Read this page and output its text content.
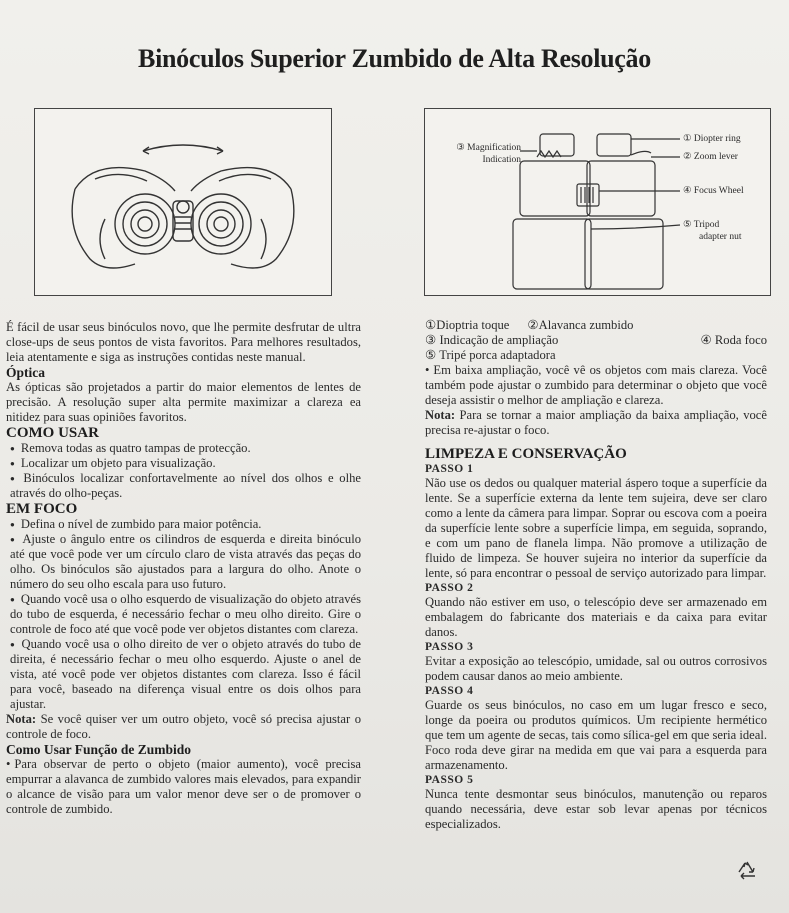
Binóculos Superior Zumbido de Alta Resolução
③ Magnification
Indication
① Diopter ring
② Zoom lever
④ Focus Wheel
⑤ Tripod
adapter nut

É fácil de usar seus binóculos novo, que lhe permite desfrutar de ultra close-ups de seus pontos de vista favoritos. Para melhores resultados, leia atentamente e siga as instruções contidas neste manual.

Óptica

As ópticas são projetados a partir do maior elementos de lentes de precisão. A resolução super alta permite maximizar a clareza ea nitidez para suas opiniões favoritos.

COMO USAR

● Remova todas as quatro tampas de protecção.

● Localizar um objeto para visualização.

● Binóculos localizar confortavelmente ao nível dos olhos e olhe através do olho-peças.

EM FOCO

● Defina o nível de zumbido para maior potência.

● Ajuste o ângulo entre os cilindros de esquerda e direita binóculo até que você pode ver um círculo claro de vista através das peças do olho. Os binóculos são ajustados para a largura do olho. Anote o número do seu olho escala para uso futuro.

● Quando você usa o olho esquerdo de visualização do objeto através do tubo de esquerda, é necessário fechar o meu olho direito. Gire o controle de foco até que você pode ver objetos distantes com clareza.

● Quando você usa o olho direito de ver o objeto através do tubo de direita, é necessário fechar o meu olho esquerdo. Ajuste o anel de vista, até você pode ver objetos distantes com clareza. Isso é fácil para você, baseado na diferença visual entre os dois olhos para ajustar.

Nota: Se você quiser ver um outro objeto, você só precisa ajustar o controle de foco.

Como Usar Função de Zumbido

• Para observar de perto o objeto (maior aumento), você precisa empurrar a alavanca de zumbido valores mais elevados, para expandir o alcance de visão para um valor menor deve ser o de promover o controle de zumbido.

①Dioptria toque ②Alavanca zumbido
③ Indicação de ampliação	④ Roda foco
⑤ Tripé porca adaptadora

• Em baixa ampliação, você vê os objetos com mais clareza. Você também pode ajustar o zumbido para determinar o objeto que você deseja assistir o melhor de ampliação e clareza.

Nota: Para se tornar a maior ampliação da baixa ampliação, você precisa re-ajustar o foco.

LIMPEZA E CONSERVAÇÃO
PASSO 1

Não use os dedos ou qualquer material áspero toque a superfície da lente. Se a superfície externa da lente tem sujeira, deve ser claro como a lente da câmera para limpar. Soprar ou escova com a poeira da superfície lente sobre a superfície limpa, em seguida, soprando, e com um pano de flanela limpa. Não promove a utilização de fluido de limpeza. Se houver sujeira no interior da superfície da lente, só para encontrar o pessoal de serviço autorizado para limpar.

PASSO 2

Quando não estiver em uso, o telescópio deve ser armazenado em embalagem do fabricante dos materiais e da caixa para evitar danos.

PASSO 3

Evitar a exposição ao telescópio, umidade, sal ou outros corrosivos podem causar danos ao meio ambiente.

PASSO 4

Guarde os seus binóculos, no caso em um lugar fresco e seco, longe da poeira ou produtos químicos. Um recipiente hermético que tem um agente de secas, tais como sílica-gel em que seria ideal. Foco roda deve girar na medida em que vai para a esquerda para armazenamento.

PASSO 5

Nunca tente desmontar seus binóculos, manutenção ou reparos quando necessária, deve estar sob levar apenas por técnicos especializados.
